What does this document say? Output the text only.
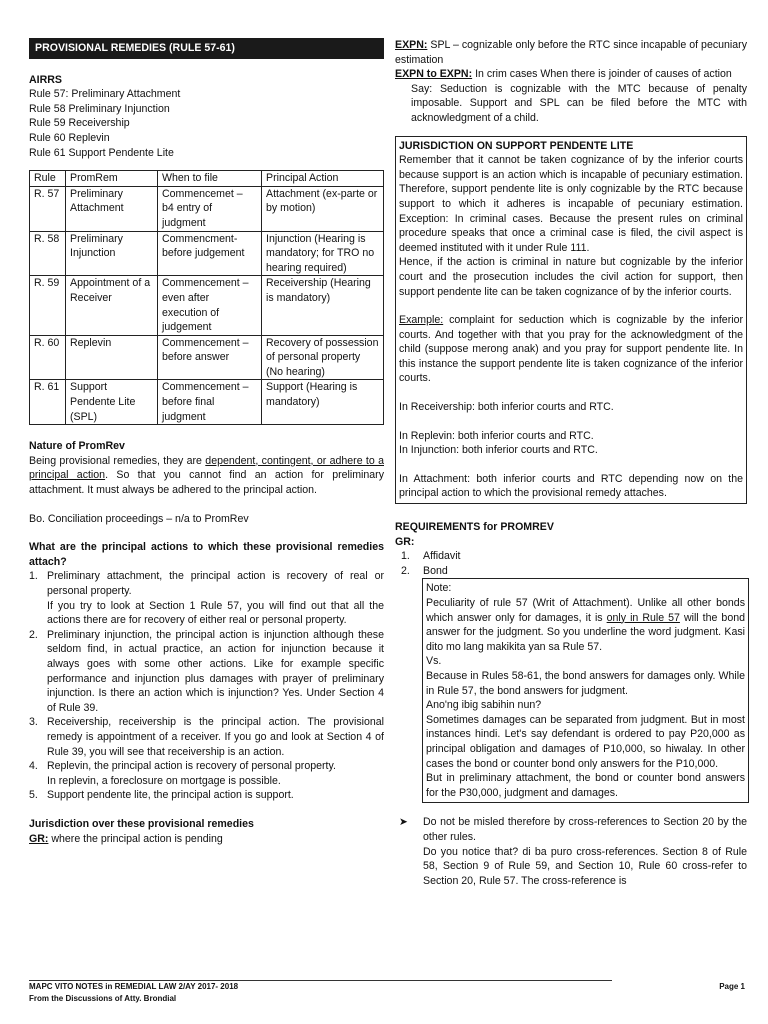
PROVISIONAL REMEDIES (RULE 57-61)
AIRRS
Rule 57: Preliminary Attachment
Rule 58 Preliminary Injunction
Rule 59 Receivership
Rule 60 Replevin
Rule 61 Support Pendente Lite
Rule	PromRem	When to file	Principal Action
R. 57	Preliminary Attachment	Commencemet – b4 entry of judgment	Attachment (ex-parte or by motion)
R. 58	Preliminary Injunction	Commencment-before judgement	Injunction (Hearing is mandatory; for TRO no hearing required)
R. 59	Appointment of a Receiver	Commencement – even after execution of judgement	Receivership (Hearing is mandatory)
R. 60	Replevin	Commencement – before answer	Recovery of possession of personal property (No hearing)
R. 61	Support Pendente Lite (SPL)	Commencement – before final judgment	Support (Hearing is mandatory)
Nature of PromRev
Being provisional remedies, they are dependent, contingent, or adhere to a principal action. So that you cannot find an action for preliminary attachment. It must always be adhered to the principal action.
Bo. Conciliation proceedings – n/a to PromRev
What are the principal actions to which these provisional remedies attach?
1. Preliminary attachment, the principal action is recovery of real or personal property.
If you try to look at Section 1 Rule 57, you will find out that all the actions there are for recovery of either real or personal property.
2. Preliminary injunction, the principal action is injunction although these seldom find, in actual practice, an action for injunction because it always goes with some other actions. Like for example specific performance and injunction plus damages with prayer of preliminary injunction. Is there an action which is injunction? Yes. Under Section 4 of Rule 39.
3. Receivership, receivership is the principal action. The provisional remedy is appointment of a receiver. If you go and look at Section 4 of Rule 39, you will see that receivership is an action.
4. Replevin, the principal action is recovery of personal property.
In replevin, a foreclosure on mortgage is possible.
5. Support pendente lite, the principal action is support.
Jurisdiction over these provisional remedies
GR: where the principal action is pending
EXPN: SPL – cognizable only before the RTC since incapable of pecuniary estimation
EXPN to EXPN: In crim cases When there is joinder of causes of action
Say: Seduction is cognizable with the MTC because of penalty imposable. Support and SPL can be filed before the MTC with acknowledgment of a child.
JURISDICTION ON SUPPORT PENDENTE LITE
Remember that it cannot be taken cognizance of by the inferior courts because support is an action which is incapable of pecuniary estimation. Therefore, support pendente lite is only cognizable by the RTC because support to which it adheres is incapable of pecuniary estimation. Exception: In criminal cases. Because the present rules on criminal procedure speaks that once a criminal case is filed, the civil aspect is deemed instituted with it under Rule 111.
Hence, if the action is criminal in nature but cognizable by the inferior court and the prosecution includes the civil action for support, then support pendente lite can be taken cognizance of by the inferior courts.
Example: complaint for seduction which is cognizable by the inferior courts. And together with that you pray for the acknowledgment of the child (suppose merong anak) and you pray for support pendente lite. In this instance the support pendente lite is taken cognizance of the inferior courts.
In Receivership: both inferior courts and RTC.
In Replevin: both inferior courts and RTC.
In Injunction: both inferior courts and RTC.
In Attachment: both inferior courts and RTC depending now on the principal action to which the provisional remedy attaches.
REQUIREMENTS for PROMREV
GR:
1. Affidavit
2. Bond
Note:
Peculiarity of rule 57 (Writ of Attachment). Unlike all other bonds which answer only for damages, it is only in Rule 57 will the bond answer for the judgment. So you underline the word judgment. Kasi dito mo lang makikita yan sa Rule 57.
Vs.
Because in Rules 58-61, the bond answers for damages only. While in Rule 57, the bond answers for judgment.
Ano'ng ibig sabihin nun?
Sometimes damages can be separated from judgment. But in most instances hindi. Let's say defendant is ordered to pay P20,000 as principal obligation and damages of P10,000, so hiwalay. In other cases the bond or counter bond only answers for the P10,000.
But in preliminary attachment, the bond or counter bond answers for the P30,000, judgment and damages.
➤ Do not be misled therefore by cross-references to Section 20 by the other rules.
Do you notice that? di ba puro cross-references. Section 8 of Rule 58, Section 9 of Rule 59, and Section 10, Rule 60 cross-refer to Section 20, Rule 57. The cross-reference is
MAPC VITO NOTES in REMEDIAL LAW 2/AY 2017- 2018
From the Discussions of Atty. Brondial
Page 1
